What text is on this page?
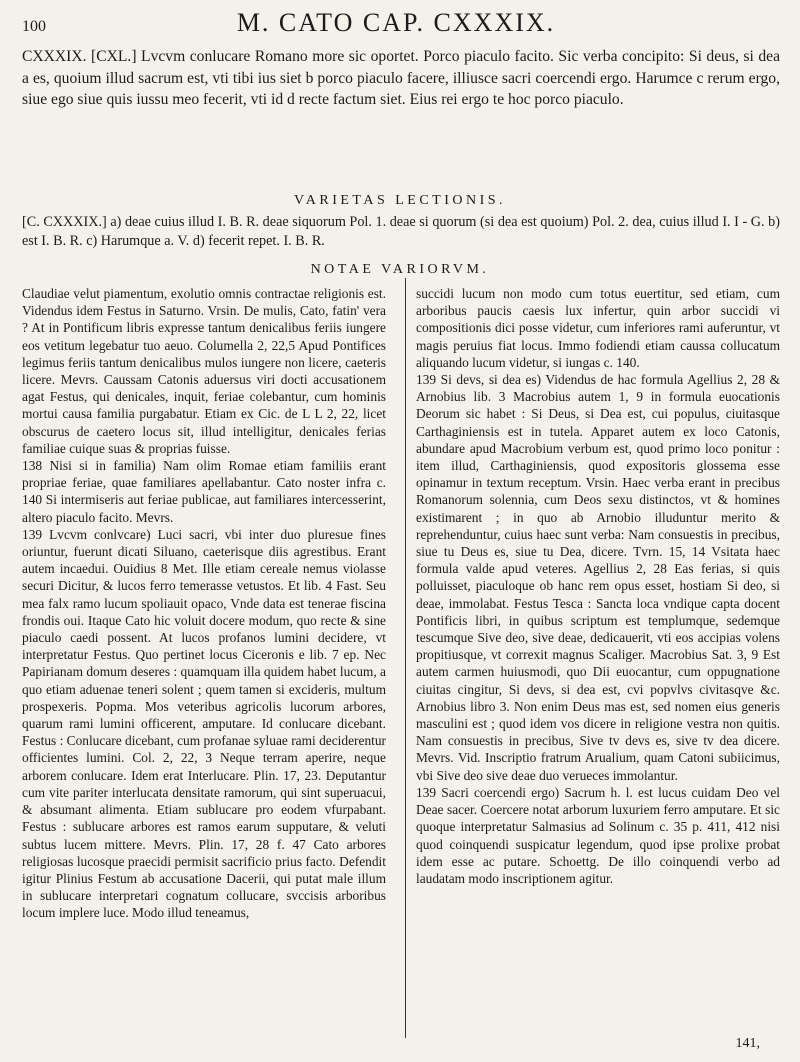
100	M. CATO CAP. CXXXIX.

CXXXIX. [CXL.] Lvcvm conlucare Romano more sic oportet. Porco piaculo facito. Sic verba concipito: Si deus, si dea a es, quoium illud sacrum est, vti tibi ius siet b porco piaculo facere, illiusce sacri coercendi ergo. Harumce c rerum ergo, siue ego siue quis iussu meo fecerit, vti id d recte factum siet. Eius rei ergo te hoc porco piaculo.

VARIETAS LECTIONIS.

[C. CXXXIX.] a) deae cuius illud I. B. R. deae siquorum Pol. 1. deae si quorum (si dea est quoium) Pol. 2. dea, cuius illud I. I - G. b) est I. B. R. c) Harumque a. V. d) fecerit repet. I. B. R.

NOTAE VARIORVM.

Claudiae velut piamentum, exolutio omnis contractae religionis est. Videndus idem Festus in Saturno. Vrsin. De mulis, Cato, fatin' vera ? At in Pontificum libris expresse tantum denicalibus feriis iungere eos vetitum legebatur tuo aeuo. Columella 2, 22,5 Apud Pontifices legimus feriis tantum denicalibus mulos iungere non licere, caeteris licere. Mevrs. Caussam Catonis aduersus viri docti accusationem agat Festus, qui denicales, inquit, feriae colebantur, cum hominis mortui causa familia purgabatur. Etiam ex Cic. de L L 2, 22, licet obscurus de caetero locus sit, illud intelligitur, denicales ferias familiae cuique suas & proprias fuisse.

138 Nisi si in familia) Nam olim Romae etiam familiis erant propriae feriae, quae familiares apellabantur. Cato noster infra c. 140 Si intermiseris aut feriae publicae, aut familiares intercesserint, altero piaculo facito. Mevrs.

139 Lvcvm conlvcare) Luci sacri, vbi inter duo pluresue fines oriuntur, fuerunt dicati Siluano, caeterisque diis agrestibus. Erant autem incaedui. Ouidius 8 Met. Ille etiam cereale nemus violasse securi Dicitur, & lucos ferro temerasse vetustos. Et lib. 4 Fast. Seu mea falx ramo lucum spoliauit opaco, Vnde data est tenerae fiscina frondis oui. Itaque Cato hic voluit docere modum, quo recte & sine piaculo caedi possent. At lucos profanos lumini decidere, vt interpretatur Festus. Quo pertinet locus Ciceronis e lib. 7 ep. Nec Papirianam domum deseres : quamquam illa quidem habet lucum, a quo etiam aduenae teneri solent ; quem tamen si excideris, multum prospexeris. Popma. Mos veteribus agricolis lucorum arbores, quarum rami lumini officerent, amputare. Id conlucare dicebant. Festus : Conlucare dicebant, cum profanae syluae rami deciderentur officientes lumini. Col. 2, 22, 3 Neque terram aperire, neque arborem conlucare. Idem erat Interlucare. Plin. 17, 23. Deputantur cum vite pariter interlucata densitate ramorum, qui sint superuacui, & absumant alimenta. Etiam sublucare pro eodem vfurpabant. Festus : sublucare arbores est ramos earum supputare, & veluti subtus lucem mittere. Mevrs. Plin. 17, 28 f. 47 Cato arbores religiosas lucosque praecidi permisit sacrificio prius facto. Defendit igitur Plinius Festum ab accusatione Dacerii, qui putat male illum in sublucare interpretari cognatum collucare, svccisis arboribus locum implere luce. Modo illud teneamus,

succidi lucum non modo cum totus euertitur, sed etiam, cum arboribus paucis caesis lux infertur, quin arbor succidi vi compositionis dici posse videtur, cum inferiores rami auferuntur, vt magis peruius fiat locus. Immo fodiendi etiam caussa collucatum aliquando lucum videtur, si iungas c. 140.

139 Si devs, si dea es) Videndus de hac formula Agellius 2, 28 & Arnobius lib. 3 Macrobius autem 1, 9 in formula euocationis Deorum sic habet : Si Deus, si Dea est, cui populus, ciuitasque Carthaginiensis est in tutela. Apparet autem ex loco Catonis, abundare apud Macrobium verbum est, quod primo loco ponitur : item illud, Carthaginiensis, quod expositoris glossema esse opinamur in textum receptum. Vrsin. Haec verba erant in precibus Romanorum solennia, cum Deos sexu distinctos, vt & homines existimarent ; in quo ab Arnobio illuduntur merito & reprehenduntur, cuius haec sunt verba: Nam consuestis in precibus, siue tu Deus es, siue tu Dea, dicere. Tvrn. 15, 14 Vsitata haec formula valde apud veteres. Agellius 2, 28 Eas ferias, si quis polluisset, piaculoque ob hanc rem opus esset, hostiam Si deo, si deae, immolabat. Festus Tesca : Sancta loca vndique capta docent Pontificis libri, in quibus scriptum est templumque, sedemque tescumque Sive deo, sive deae, dedicauerit, vti eos accipias volens propitiusque, vt correxit magnus Scaliger. Macrobius Sat. 3, 9 Est autem carmen huiusmodi, quo Dii euocantur, cum oppugnatione ciuitas cingitur, Si devs, si dea est, cvi popvlvs civitasqve &c. Arnobius libro 3. Non enim Deus mas est, sed nomen eius generis masculini est ; quod idem vos dicere in religione vestra non quitis. Nam consuestis in precibus, Sive tv devs es, sive tv dea dicere. Mevrs. Vid. Inscriptio fratrum Arualium, quam Catoni subiicimus, vbi Sive deo sive deae duo verueces immolantur.

139 Sacri coercendi ergo) Sacrum h. l. est lucus cuidam Deo vel Deae sacer. Coercere notat arborum luxuriem ferro amputare. Et sic quoque interpretatur Salmasius ad Solinum c. 35 p. 411, 412 nisi quod coinquendi suspicatur legendum, quod ipse prolixe probat idem esse ac putare. Schoettg. De illo coinquendi verbo ad laudatam modo inscriptionem agitur.

141,
